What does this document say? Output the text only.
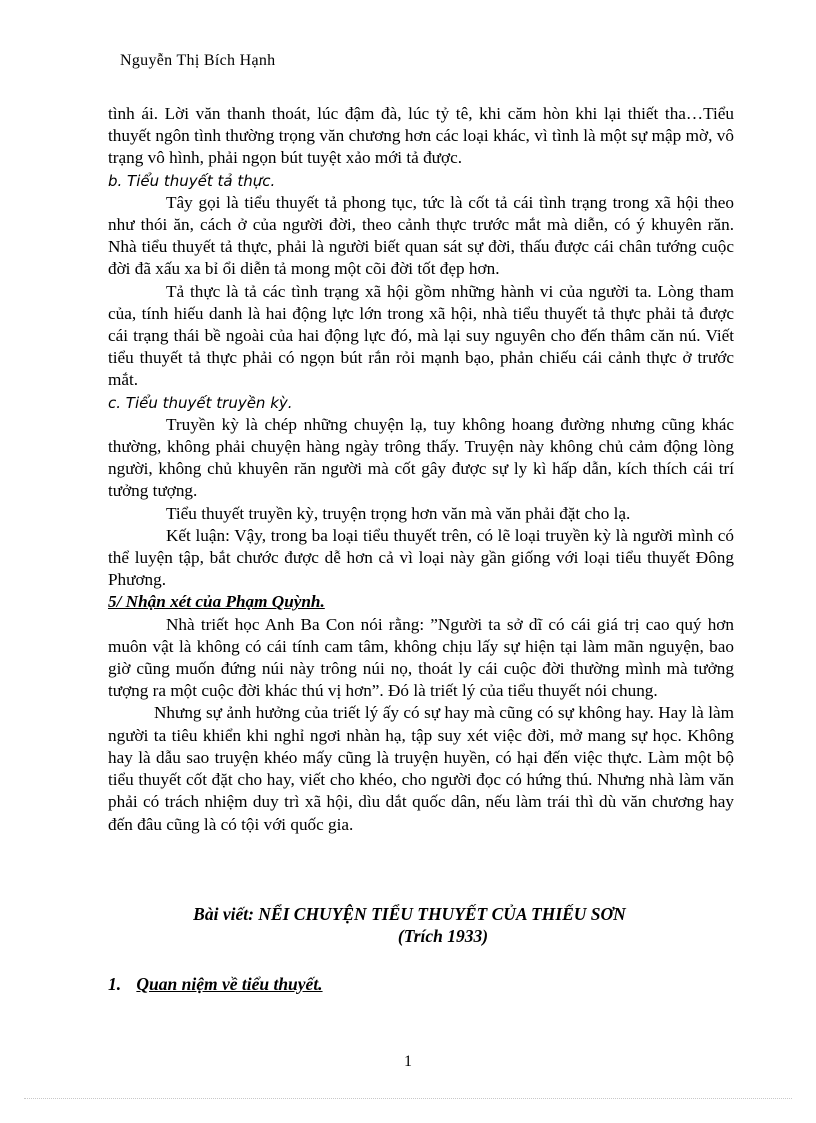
Nguyễn Thị Bích Hạnh

tình ái. Lời văn thanh thoát, lúc đậm đà, lúc tỷ tê, khi căm hòn khi lại thiết tha…Tiểu thuyết ngôn tình thường trọng văn chương hơn các loại khác, vì tình là một sự mập mờ, vô trạng vô hình, phải ngọn bút tuyệt xảo mới tả được.

b. Tiểu thuyết tả thực.

Tây gọi là tiểu thuyết tả phong tục, tức là cốt tả cái tình trạng trong xã hội theo như thói ăn, cách ở của người đời, theo cảnh thực trước mắt mà diễn, có ý khuyên răn. Nhà tiểu thuyết tả thực, phải là người biết quan sát sự đời, thấu được cái chân tướng cuộc đời đã xấu xa bỉ ổi diễn tả mong một cõi đời tốt đẹp hơn.

Tả thực là tả các tình trạng xã hội gồm những hành vi của người ta. Lòng tham của, tính hiếu danh là hai động lực lớn trong xã hội, nhà tiểu thuyết tả thực phải tả được cái trạng thái bề ngoài của hai động lực đó, mà lại suy nguyên cho đến thâm căn nú. Viết tiểu thuyết tả thực phải có ngọn bút rắn rỏi mạnh bạo, phản chiếu cái cảnh thực ở trước mắt.

c. Tiểu thuyết truyền kỳ.

Truyền kỳ là chép những chuyện lạ, tuy không hoang đường nhưng cũng khác thường, không phải chuyện hàng ngày trông thấy. Truyện này không chủ cảm động lòng người, không chủ khuyên răn người mà cốt gây được sự ly kì hấp dẫn, kích thích cái trí tưởng tượng.

Tiểu thuyết truyền kỳ, truyện trọng hơn văn mà văn phải đặt cho lạ.

Kết luận: Vậy, trong ba loại tiểu thuyết trên, có lẽ loại truyền kỳ là người mình có thể luyện tập, bắt chước được dễ hơn cả vì loại này gần giống với loại tiểu thuyết Đông Phương.

5/ Nhận xét của Phạm Quỳnh.

Nhà triết học Anh Ba Con nói rằng: ”Người ta sở dĩ có cái giá trị cao quý hơn muôn vật là không có cái tính cam tâm, không chịu lấy sự hiện tại làm mãn nguyện, bao giờ cũng muốn đứng núi này trông núi nọ, thoát ly cái cuộc đời thường mình mà tưởng tượng ra một cuộc đời khác thú vị hơn”. Đó là triết lý của tiểu thuyết nói chung.

Nhưng sự ảnh hưởng của triết lý ấy có sự hay mà cũng có sự không hay. Hay là làm người ta tiêu khiển khi nghỉ ngơi nhàn hạ, tập suy xét việc đời, mở mang sự học. Không hay là dẫu sao truyện khéo mấy cũng là truyện huyền, có hại đến việc thực. Làm một bộ tiểu thuyết cốt đặt cho hay, viết cho khéo, cho người đọc có hứng thú. Nhưng nhà làm văn phải có trách nhiệm duy trì xã hội, dìu dắt quốc dân, nếu làm trái thì dù văn chương hay đến đâu cũng là có tội với quốc gia.

Bài viết: NỂI CHUYỆN TIỂU THUYẾT CỦA THIẾU SƠN
(Trích 1933)
1. Quan niệm về tiểu thuyết.
1
